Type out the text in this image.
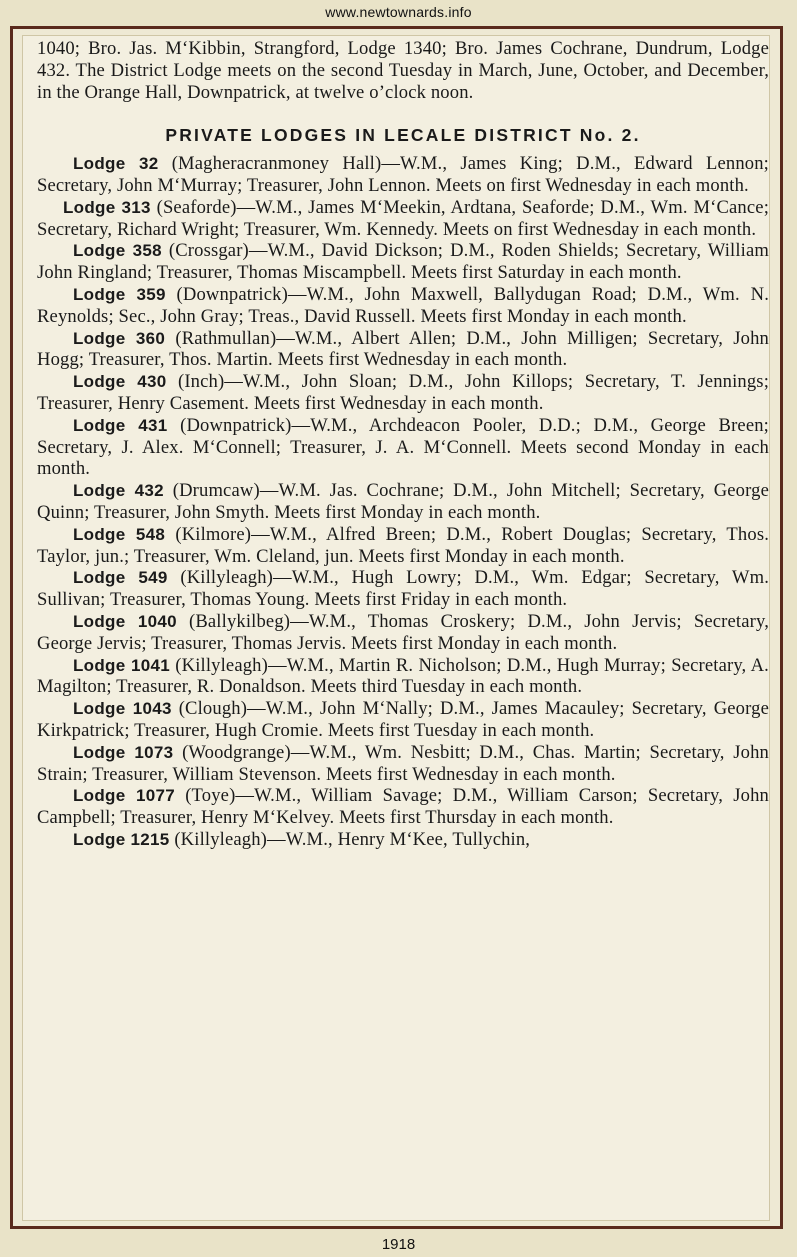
www.newtownards.info

1040; Bro. Jas. M‘Kibbin, Strangford, Lodge 1340; Bro. James Cochrane, Dundrum, Lodge 432. The District Lodge meets on the second Tuesday in March, June, October, and December, in the Orange Hall, Downpatrick, at twelve o’clock noon.

PRIVATE LODGES IN LECALE DISTRICT No. 2.

Lodge 32 (Magheracranmoney Hall)—W.M., James King; D.M., Edward Lennon; Secretary, John M‘Murray; Treasurer, John Lennon. Meets on first Wednesday in each month.

Lodge 313 (Seaforde)—W.M., James M‘Meekin, Ardtana, Seaforde; D.M., Wm. M‘Cance; Secretary, Richard Wright; Treasurer, Wm. Kennedy. Meets on first Wednesday in each month.

Lodge 358 (Crossgar)—W.M., David Dickson; D.M., Roden Shields; Secretary, William John Ringland; Treasurer, Thomas Miscampbell. Meets first Saturday in each month.

Lodge 359 (Downpatrick)—W.M., John Maxwell, Ballydugan Road; D.M., Wm. N. Reynolds; Sec., John Gray; Treas., David Russell. Meets first Monday in each month.

Lodge 360 (Rathmullan)—W.M., Albert Allen; D.M., John Milligen; Secretary, John Hogg; Treasurer, Thos. Martin. Meets first Wednesday in each month.

Lodge 430 (Inch)—W.M., John Sloan; D.M., John Killops; Secretary, T. Jennings; Treasurer, Henry Casement. Meets first Wednesday in each month.

Lodge 431 (Downpatrick)—W.M., Archdeacon Pooler, D.D.; D.M., George Breen; Secretary, J. Alex. M‘Connell; Treasurer, J. A. M‘Connell. Meets second Monday in each month.

Lodge 432 (Drumcaw)—W.M. Jas. Cochrane; D.M., John Mitchell; Secretary, George Quinn; Treasurer, John Smyth. Meets first Monday in each month.

Lodge 548 (Kilmore)—W.M., Alfred Breen; D.M., Robert Douglas; Secretary, Thos. Taylor, jun.; Treasurer, Wm. Cleland, jun. Meets first Monday in each month.

Lodge 549 (Killyleagh)—W.M., Hugh Lowry; D.M., Wm. Edgar; Secretary, Wm. Sullivan; Treasurer, Thomas Young. Meets first Friday in each month.

Lodge 1040 (Ballykilbeg)—W.M., Thomas Croskery; D.M., John Jervis; Secretary, George Jervis; Treasurer, Thomas Jervis. Meets first Monday in each month.

Lodge 1041 (Killyleagh)—W.M., Martin R. Nicholson; D.M., Hugh Murray; Secretary, A. Magilton; Treasurer, R. Donaldson. Meets third Tuesday in each month.

Lodge 1043 (Clough)—W.M., John M‘Nally; D.M., James Macauley; Secretary, George Kirkpatrick; Treasurer, Hugh Cromie. Meets first Tuesday in each month.

Lodge 1073 (Woodgrange)—W.M., Wm. Nesbitt; D.M., Chas. Martin; Secretary, John Strain; Treasurer, William Stevenson. Meets first Wednesday in each month.

Lodge 1077 (Toye)—W.M., William Savage; D.M., William Carson; Secretary, John Campbell; Treasurer, Henry M‘Kelvey. Meets first Thursday in each month.

Lodge 1215 (Killyleagh)—W.M., Henry M‘Kee, Tullychin,

1918
